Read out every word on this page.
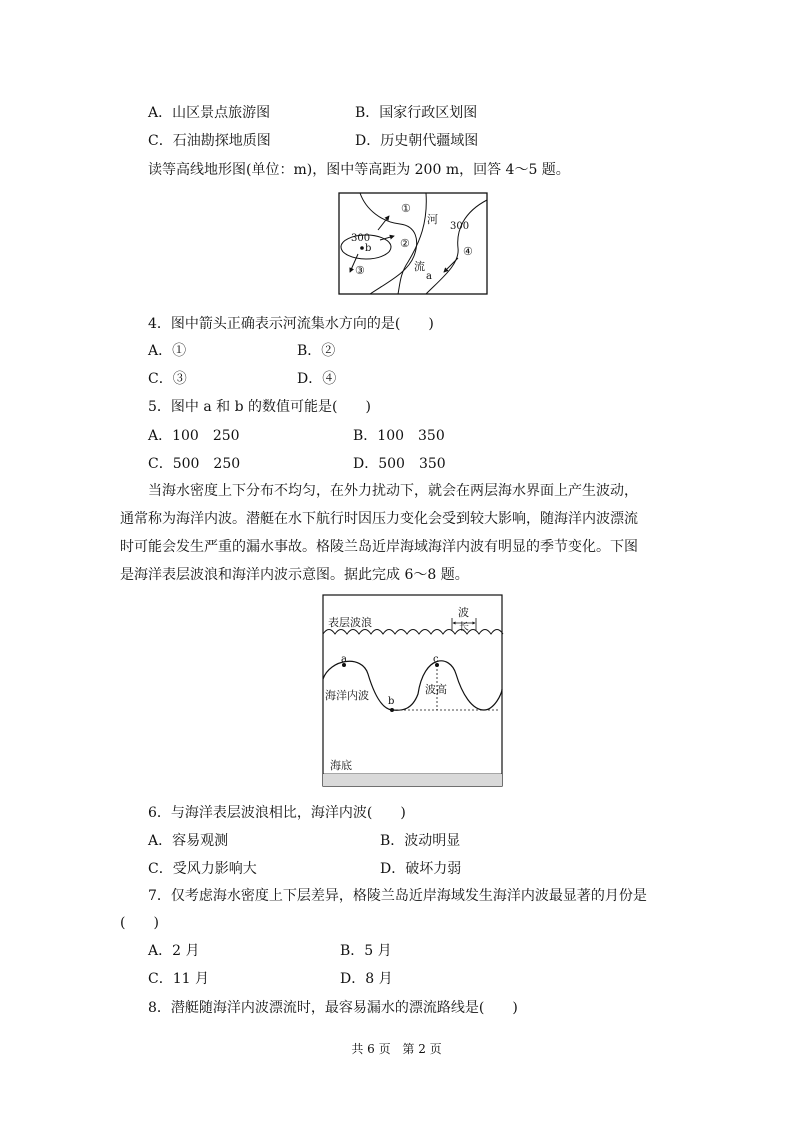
A．山区景点旅游图	B．国家行政区划图
C．石油勘探地质图	D．历史朝代疆域图
读等高线地形图(单位：m)，图中等高距为 200 m，回答 4～5 题。
①
河
300
300
b	②
③
④
流
a
4．图中箭头正确表示河流集水方向的是(　　)
A．①	B．②
C．③	D．④
5．图中 a 和 b 的数值可能是(　　)
A．100　250	B．100　350
C．500　250	D．500　350
当海水密度上下分布不均匀，在外力扰动下，就会在两层海水界面上产生波动，
通常称为海洋内波。潜艇在水下航行时因压力变化会受到较大影响，随海洋内波漂流
时可能会发生严重的漏水事故。格陵兰岛近岸海域海洋内波有明显的季节变化。下图
是海洋表层波浪和海洋内波示意图。据此完成 6～8 题。
表层波浪
波
长
a	c
海洋内波 b
波高
海底
6．与海洋表层波浪相比，海洋内波(　　)
A．容易观测	B．波动明显
C．受风力影响大	D．破坏力弱
7．仅考虑海水密度上下层差异，格陵兰岛近岸海域发生海洋内波最显著的月份是
(　　)
A．2 月	B．5 月
C．11 月	D．8 月
8．潜艇随海洋内波漂流时，最容易漏水的漂流路线是(　　)
共 6 页 第 2 页
